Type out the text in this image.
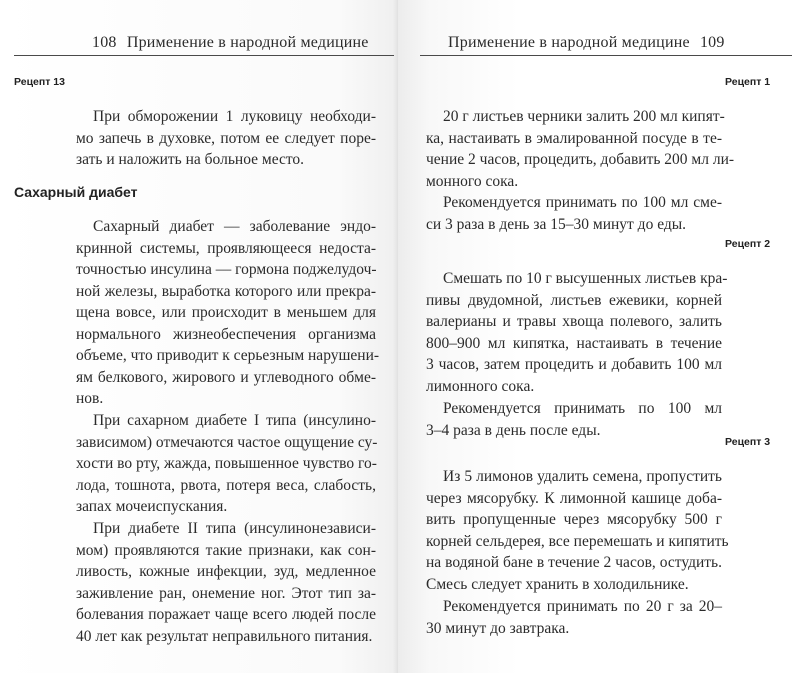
108 Применение в народной медицине
Рецепт 13

При обморожении 1 луковицу необходи-

мо запечь в духовке, потом ее следует порe-

зать и наложить на больное место.

Сахарный диабет

Сахарный диабет — заболевание эндо-

кринной системы, проявляющееся недоста-

точностью инсулина — гормона поджелудоч-

ной железы, выработка которого или прекра-

щена вовсе, или происходит в меньшем для

нормального жизнеобеспечения организма

объеме, что приводит к серьезным нарушени-

ям белкового, жирового и углеводного обме-

нов.

При сахарном диабете I типа (инсулино-

зависимом) отмечаются частое ощущение су-

хости во рту, жажда, повышенное чувство го-

лода, тошнота, рвота, потеря веса, слабость,

запах мочеиспускания.

При диабете II типа (инсулинонезависи-

мом) проявляются такие признаки, как сон-

ливость, кожные инфекции, зуд, медленное

заживление ран, онемение ног. Этот тип за-

болевания поражает чаще всего людей после

40 лет как результат неправильного питания.

Применение в народной медицине 109
Рецепт 1

20 г листьев черники залить 200 мл кипят-

ка, настаивать в эмалированной посуде в те-

чение 2 часов, процедить, добавить 200 мл ли-

монного сока.

Рекомендуется принимать по 100 мл сме-

си 3 раза в день за 15–30 минут до еды.

Рецепт 2

Смешать по 10 г высушенных листьев кра-

пивы двудомной, листьев ежевики, корней

валерианы и травы хвоща полевого, залить

800–900 мл кипятка, настаивать в течение

3 часов, затем процедить и добавить 100 мл

лимонного сока.

Рекомендуется принимать по 100 мл

3–4 раза в день после еды.

Рецепт 3

Из 5 лимонов удалить семена, пропустить

через мясорубку. К лимонной кашице доба-

вить пропущенные через мясорубку 500 г

корней сельдерея, все перемешать и кипятить

на водяной бане в течение 2 часов, остудить.

Смесь следует хранить в холодильнике.

Рекомендуется принимать по 20 г за 20–

30 минут до завтрака.
